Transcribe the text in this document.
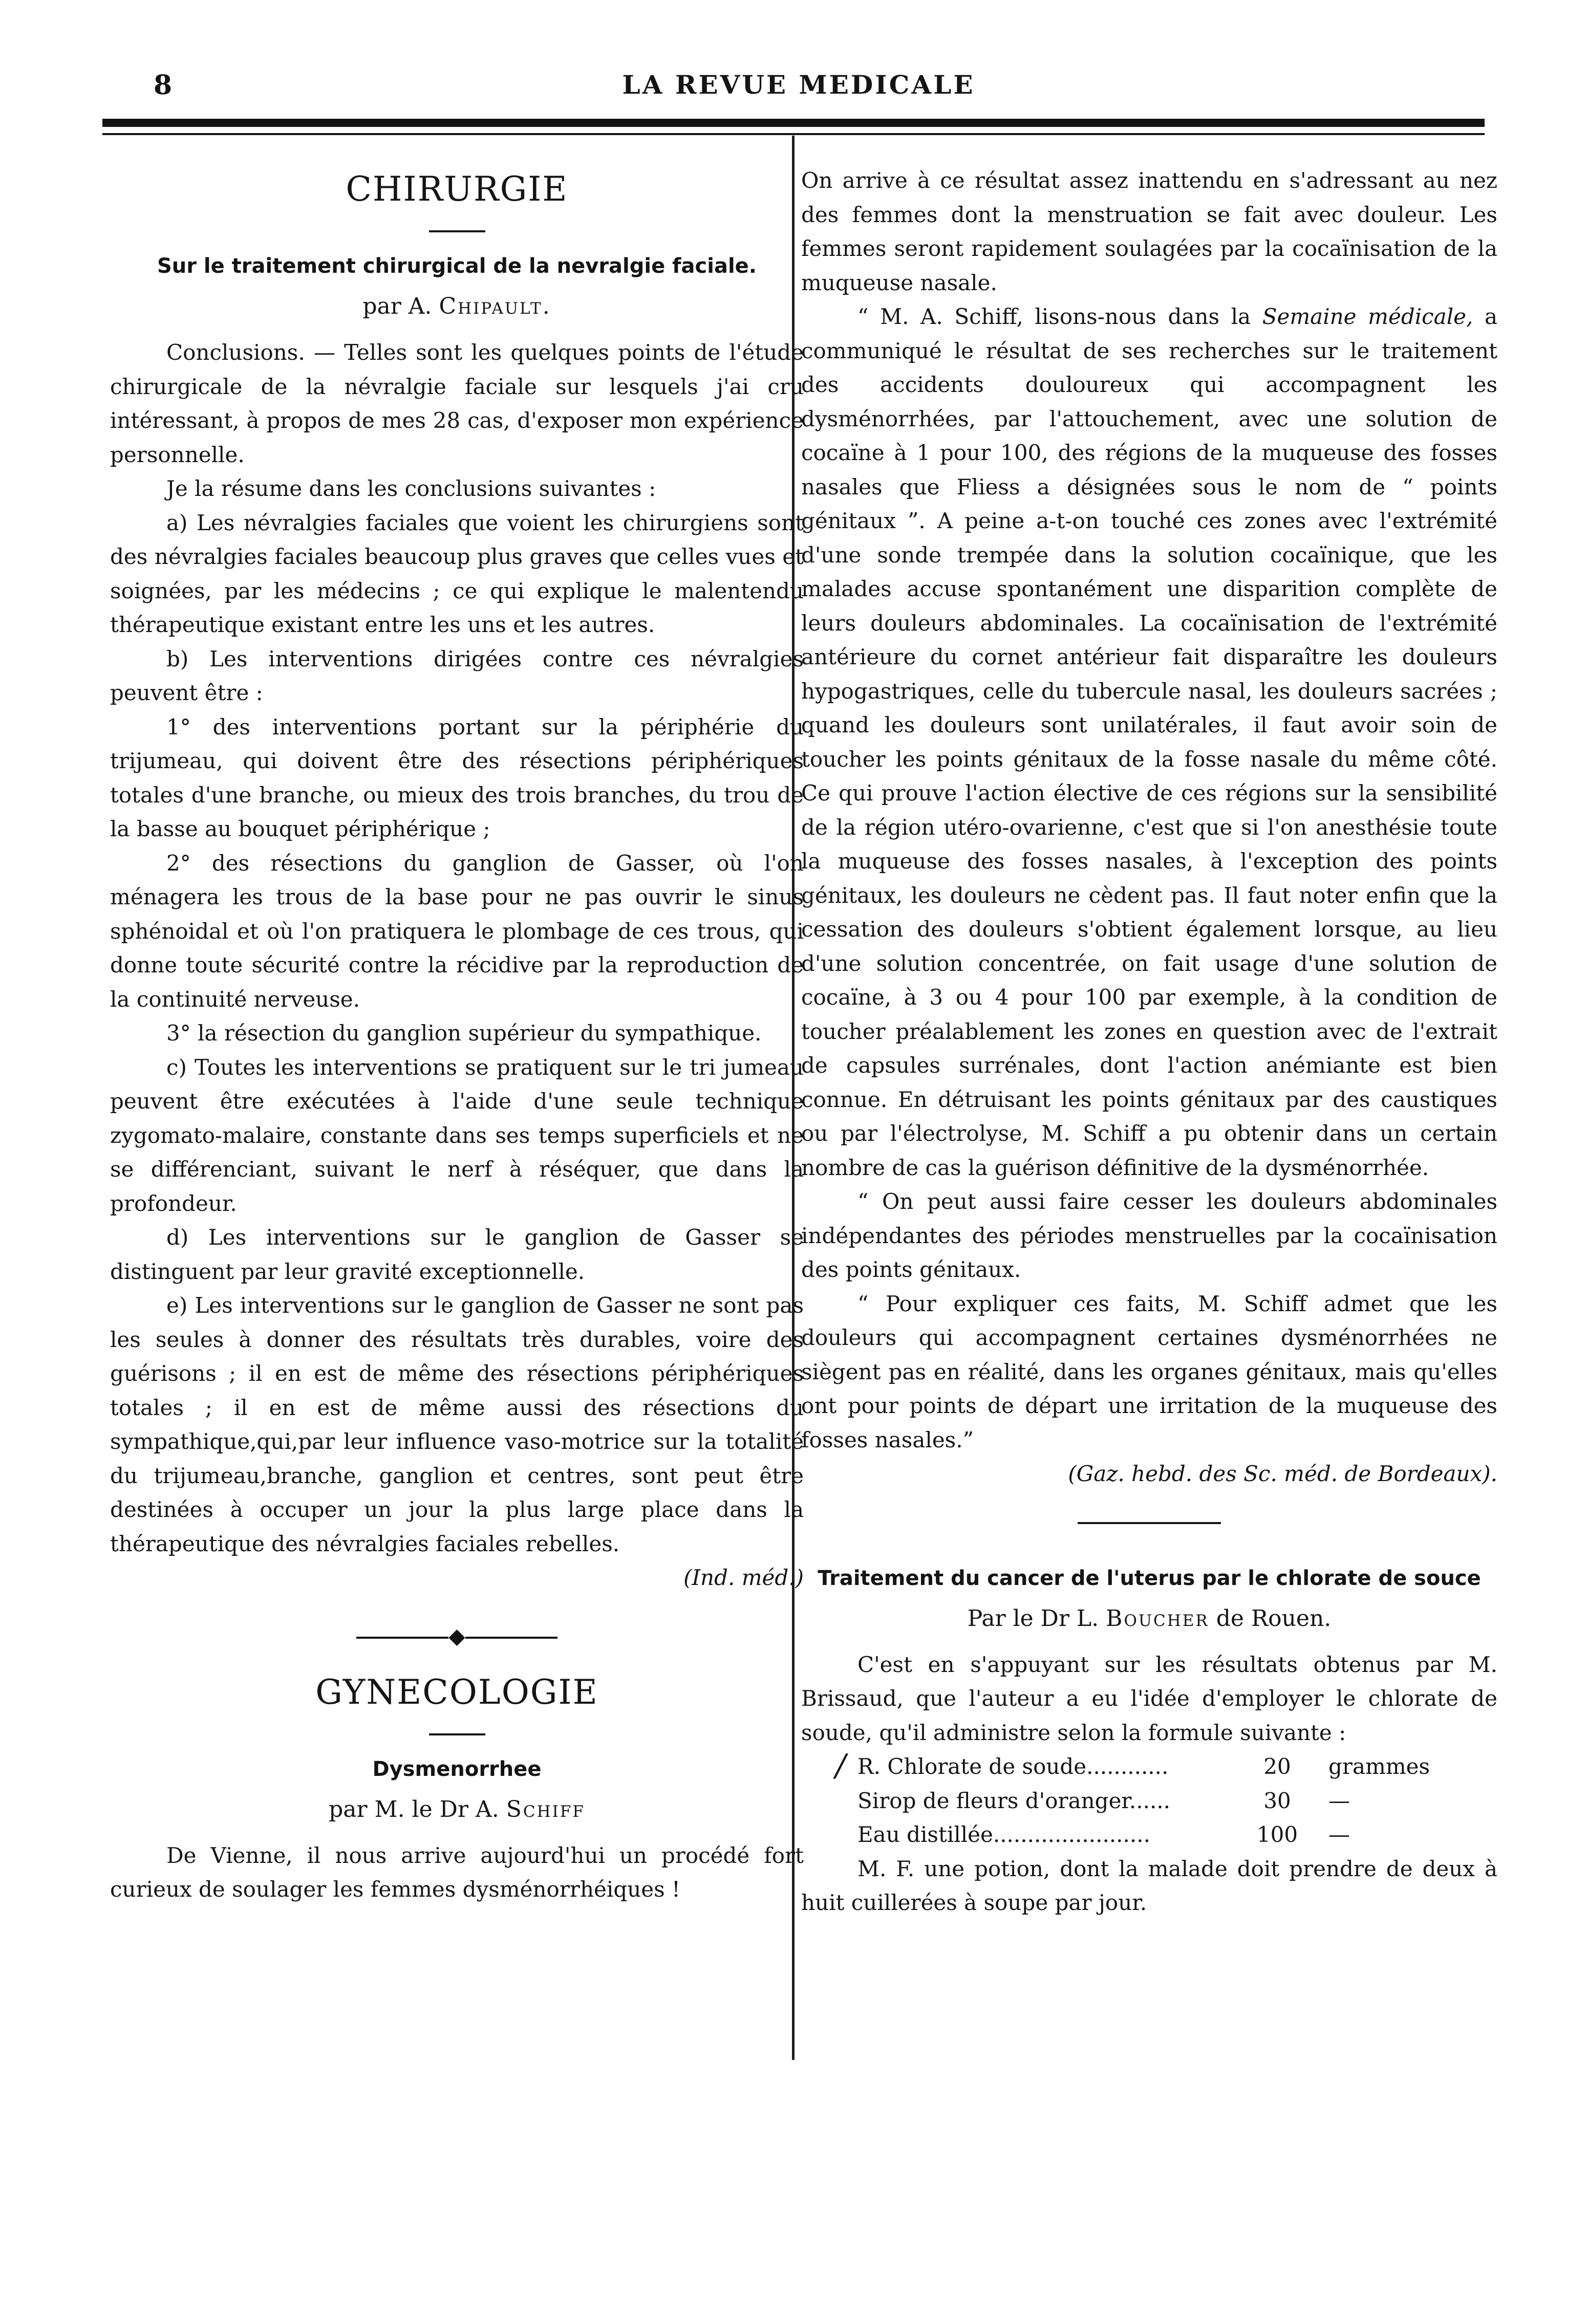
8	LA REVUE MEDICALE
CHIRURGIE
Sur le traitement chirurgical de la nevralgie faciale.
par A. Chipault.

Conclusions. — Telles sont les quelques points de l'étude chirurgicale de la névralgie faciale sur lesquels j'ai cru intéressant, à propos de mes 28 cas, d'exposer mon expérience personnelle.

Je la résume dans les conclusions suivantes :

a) Les névralgies faciales que voient les chirurgiens sont des névralgies faciales beaucoup plus graves que celles vues et soignées, par les médecins ; ce qui explique le malentendu thérapeutique existant entre les uns et les autres.

b) Les interventions dirigées contre ces névralgies peuvent être :

1° des interventions portant sur la périphérie du trijumeau, qui doivent être des résections périphériques totales d'une branche, ou mieux des trois branches, du trou de la basse au bouquet périphérique ;

2° des résections du ganglion de Gasser, où l'on ménagera les trous de la base pour ne pas ouvrir le sinus sphénoidal et où l'on pratiquera le plombage de ces trous, qui donne toute sécurité contre la récidive par la reproduction de la continuité nerveuse.

3° la résection du ganglion supérieur du sympathique.

c) Toutes les interventions se pratiquent sur le tri jumeau peuvent être exécutées à l'aide d'une seule technique zygomato-malaire, constante dans ses temps superficiels et ne se différenciant, suivant le nerf à réséquer, que dans la profondeur.

d) Les interventions sur le ganglion de Gasser se distinguent par leur gravité exceptionnelle.

e) Les interventions sur le ganglion de Gasser ne sont pas les seules à donner des résultats très durables, voire des guérisons ; il en est de même des résections périphériques totales ; il en est de même aussi des résections du sympathique,qui,par leur influence vaso-motrice sur la totalité du trijumeau,branche, ganglion et centres, sont peut être destinées à occuper un jour la plus large place dans la thérapeutique des névralgies faciales rebelles.

(Ind. méd.)

◆
GYNECOLOGIE
Dysmenorrhee
par M. le Dr A. Schiff

De Vienne, il nous arrive aujourd'hui un procédé fort curieux de soulager les femmes dysménorrhéiques !

On arrive à ce résultat assez inattendu en s'adressant au nez des femmes dont la menstruation se fait avec douleur. Les femmes seront rapidement soulagées par la cocaïnisation de la muqueuse nasale.

“ M. A. Schiff, lisons-nous dans la Semaine médicale, a communiqué le résultat de ses recherches sur le traitement des accidents douloureux qui accompagnent les dysménorrhées, par l'attouchement, avec une solution de cocaïne à 1 pour 100, des régions de la muqueuse des fosses nasales que Fliess a désignées sous le nom de “ points génitaux ”. A peine a-t-on touché ces zones avec l'extrémité d'une sonde trempée dans la solution cocaïnique, que les malades accuse spontanément une disparition complète de leurs douleurs abdominales. La cocaïnisation de l'extrémité antérieure du cornet antérieur fait disparaître les douleurs hypogastriques, celle du tubercule nasal, les douleurs sacrées ; quand les douleurs sont unilatérales, il faut avoir soin de toucher les points génitaux de la fosse nasale du même côté. Ce qui prouve l'action élective de ces régions sur la sensibilité de la région utéro-ovarienne, c'est que si l'on anesthésie toute la muqueuse des fosses nasales, à l'exception des points génitaux, les douleurs ne cèdent pas. Il faut noter enfin que la cessation des douleurs s'obtient également lorsque, au lieu d'une solution concentrée, on fait usage d'une solution de cocaïne, à 3 ou 4 pour 100 par exemple, à la condition de toucher préalablement les zones en question avec de l'extrait de capsules surrénales, dont l'action anémiante est bien connue. En détruisant les points génitaux par des caustiques ou par l'électrolyse, M. Schiff a pu obtenir dans un certain nombre de cas la guérison définitive de la dysménorrhée.

“ On peut aussi faire cesser les douleurs abdominales indépendantes des périodes menstruelles par la cocaïnisation des points génitaux.

“ Pour expliquer ces faits, M. Schiff admet que les douleurs qui accompagnent certaines dysménorrhées ne siègent pas en réalité, dans les organes génitaux, mais qu'elles ont pour points de départ une irritation de la muqueuse des fosses nasales.”

(Gaz. hebd. des Sc. méd. de Bordeaux).

Traitement du cancer de l'uterus par le chlorate de souce
Par le Dr L. Boucher de Rouen.

C'est en s'appuyant sur les résultats obtenus par M. Brissaud, que l'auteur a eu l'idée d'employer le chlorate de soude, qu'il administre selon la formule suivante :

R. Chlorate de soude............	20	grammes
Sirop de fleurs d'oranger......	30	—
Eau distillée.......................	100	—

M. F. une potion, dont la malade doit prendre de deux à huit cuillerées à soupe par jour.

/
